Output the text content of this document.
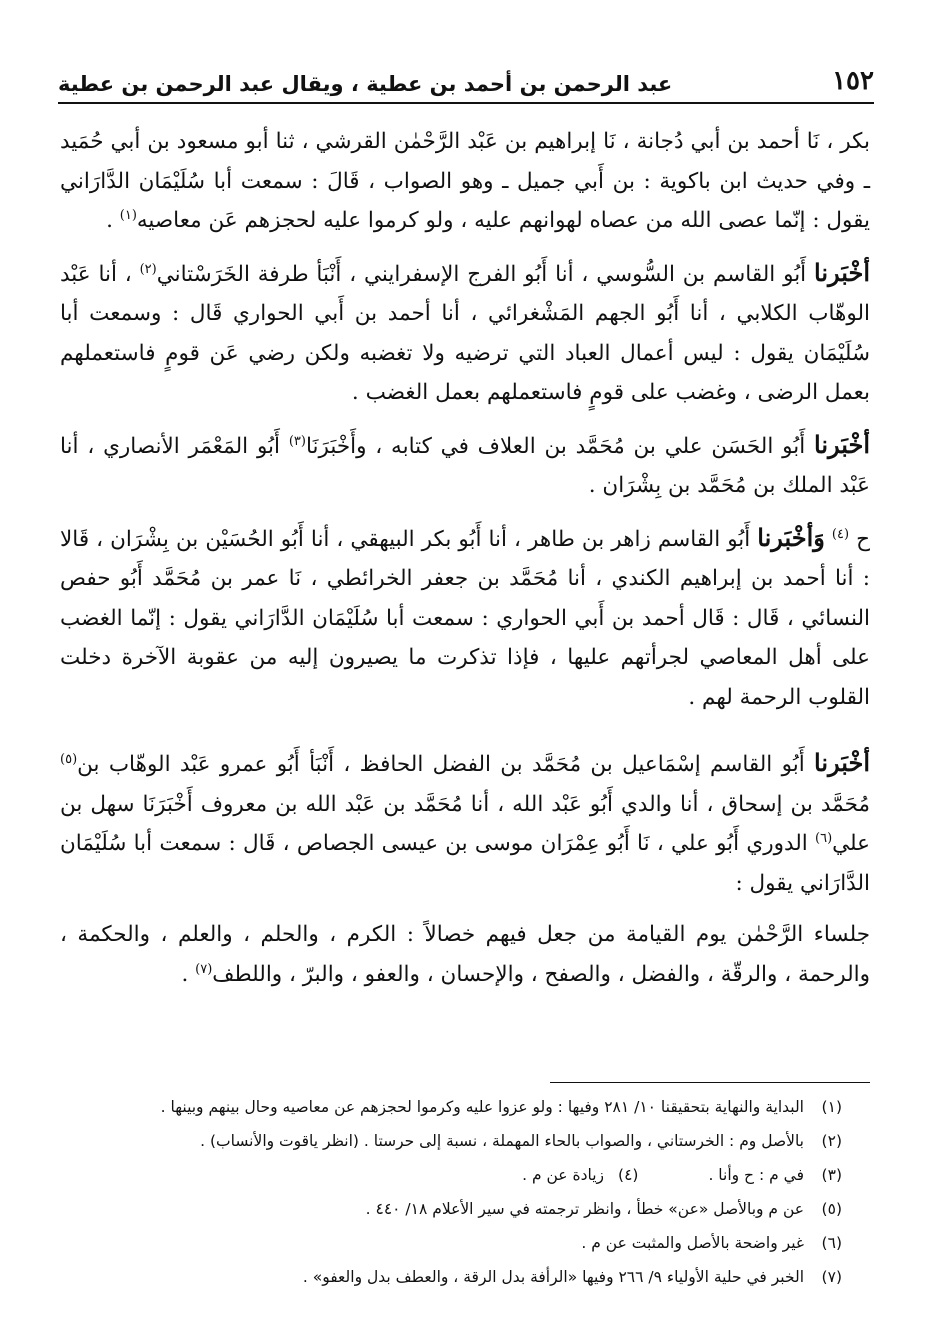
١٥٢
عبد الرحمن بن أحمد بن عطية ، ويقال عبد الرحمن بن عطية

بكر ، نَا أحمد بن أبي دُجانة ، نَا إبراهيم بن عَبْد الرَّحْمٰن القرشي ، ثنا أبو مسعود بن أبي حُمَيد ـ وفي حديث ابن باكوية : بن أَبي جميل ـ وهو الصواب ، قَالَ : سمعت أبا سُلَيْمَان الدَّارَاني يقول : إنّما عصى الله من عصاه لهوانهم عليه ، ولو كرموا عليه لحجزهم عَن معاصيه$^{(١)}$ .

أخْبَرنا أَبُو القاسم بن السُّوسي ، أنا أَبُو الفرج الإسفرايني ، أَنْبَأ طرفة الخَرَسْتاني$^{(٢)}$ ، أنا عَبْد الوهّاب الكلابي ، أنا أَبُو الجهم المَشْغرائي ، أنا أحمد بن أَبي الحواري قَال : وسمعت أبا سُلَيْمَان يقول : ليس أعمال العباد التي ترضيه ولا تغضبه ولكن رضي عَن قومٍ فاستعملهم بعمل الرضى ، وغضب على قومٍ فاستعملهم بعمل الغضب .

أخْبَرنا أَبُو الحَسَن علي بن مُحَمَّد بن العلاف في كتابه ، وأَخْبَرَنَا$^{(٣)}$ أَبُو المَعْمَر الأنصاري ، أنا عَبْد الملك بن مُحَمَّد بن بِشْرَان .

ح $^{(٤)}$ وَأخْبَرنا أَبُو القاسم زاهر بن طاهر ، أنا أَبُو بكر البيهقي ، أنا أَبُو الحُسَيْن بن بِشْرَان ، قَالا : أنا أحمد بن إبراهيم الكندي ، أنا مُحَمَّد بن جعفر الخرائطي ، نَا عمر بن مُحَمَّد أَبُو حفص النسائي ، قَال : قَال أحمد بن أَبي الحواري : سمعت أبا سُلَيْمَان الدَّارَاني يقول : إنّما الغضب على أهل المعاصي لجرأتهم عليها ، فإذا تذكرت ما يصيرون إليه من عقوبة الآخرة دخلت القلوب الرحمة لهم .

أخْبَرنا أَبُو القاسم إسْمَاعيل بن مُحَمَّد بن الفضل الحافظ ، أَنْبَأ أَبُو عمرو عَبْد الوهّاب بن$^{(٥)}$ مُحَمَّد بن إسحاق ، أنا والدي أَبُو عَبْد الله ، أنا مُحَمَّد بن عَبْد الله بن معروف أَخْبَرَنَا سهل بن علي$^{(٦)}$ الدوري أَبُو علي ، نَا أَبُو عِمْرَان موسى بن عيسى الجصاص ، قَال : سمعت أبا سُلَيْمَان الدَّارَاني يقول :

جلساء الرَّحْمٰن يوم القيامة من جعل فيهم خصالاً : الكرم ، والحلم ، والعلم ، والحكمة ، والرحمة ، والرقّة ، والفضل ، والصفح ، والإحسان ، والعفو ، والبرّ ، واللطف$^{(٧)}$ .

(١)
البداية والنهاية بتحقيقنا ١٠/ ٢٨١ وفيها : ولو عزوا عليه وكرموا لحجزهم عن معاصيه وحال بينهم وبينها .
(٢)
بالأصل وم : الخرستاني ، والصواب بالحاء المهملة ، نسبة إلى حرستا . (انظر ياقوت والأنساب) .
(٣)
في م : ح وأنا .
(٤)
زيادة عن م .
(٥)
عن م وبالأصل «عن» خطأ ، وانظر ترجمته في سير الأعلام ١٨/ ٤٤٠ .
(٦)
غير واضحة بالأصل والمثبت عن م .
(٧)
الخبر في حلية الأولياء ٩/ ٢٦٦ وفيها «الرأفة بدل الرقة ، والعطف بدل والعفو» .
